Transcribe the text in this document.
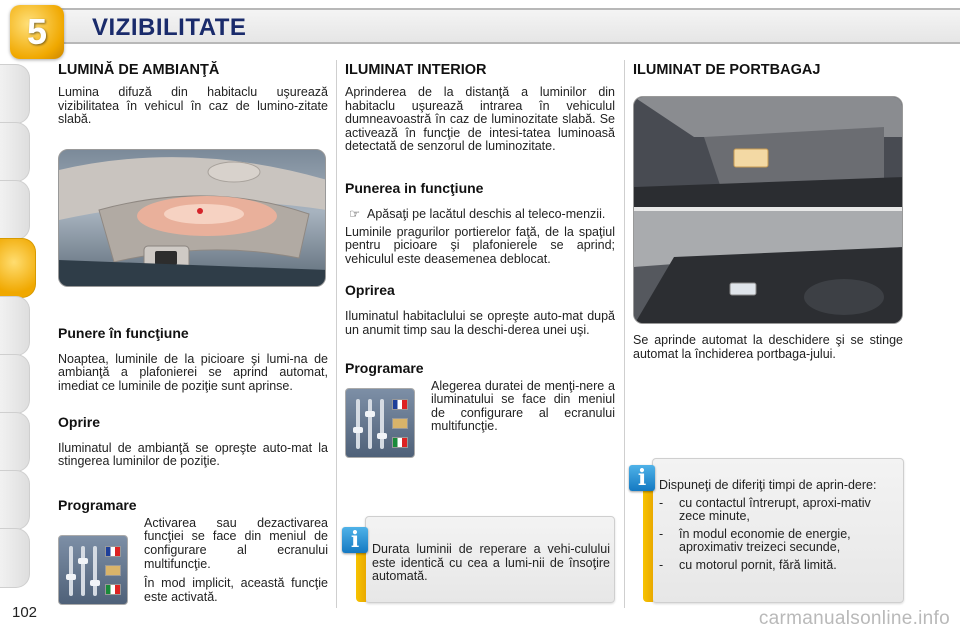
5	VIZIBILITATE
LUMINĂ DE AMBIANŢĂ

Lumina difuză din habitaclu uşurează vizibilitatea în vehicul în caz de lumino-zitate slabă.

Punere în funcţiune

Noaptea, luminile de la picioare şi lumi-na de ambianţă a plafonierei se aprind automat, imediat ce luminile de poziţie sunt aprinse.

Oprire

Iluminatul de ambianţă se opreşte auto-mat la stingerea luminilor de poziţie.

Programare

Activarea sau dezactivarea funcţiei se face din meniul de configurare al ecranului multifuncţie.

În mod implicit, această funcţie este activată.

ILUMINAT INTERIOR

Aprinderea de la distanţă a luminilor din habitaclu uşurează intrarea în vehiculul dumneavoastră în caz de luminozitate slabă. Se activează în funcţie de intesi-tatea luminoasă detectată de senzorul de luminozitate.

Punerea in funcţiune
☞ Apăsaţi pe lacătul deschis al teleco-menzii.

Luminile pragurilor portierelor faţă, de la spaţiul pentru picioare şi plafonierele se aprind; vehiculul este deasemenea deblocat.

Oprirea

Iluminatul habitaclului se opreşte auto-mat după un anumit timp sau la deschi-derea unei uşi.

Programare

Alegerea duratei de menţi-nere a iluminatului se face din meniul de configurare al ecranului multifuncţie.

i	Durata luminii de reperare a vehi-culului este identică cu cea a lumi-nii de însoţire automată.

ILUMINAT DE PORTBAGAJ

Se aprinde automat la deschidere şi se stinge automat la închiderea portbaga-jului.

i	Dispuneţi de diferiţi timpi de aprin-dere:

-	cu contactul întrerupt, aproxi-mativ zece minute,
-	în modul economie de energie, aproximativ treizeci secunde,
-	cu motorul pornit, fără limită.
102	carmanualsonline.info
